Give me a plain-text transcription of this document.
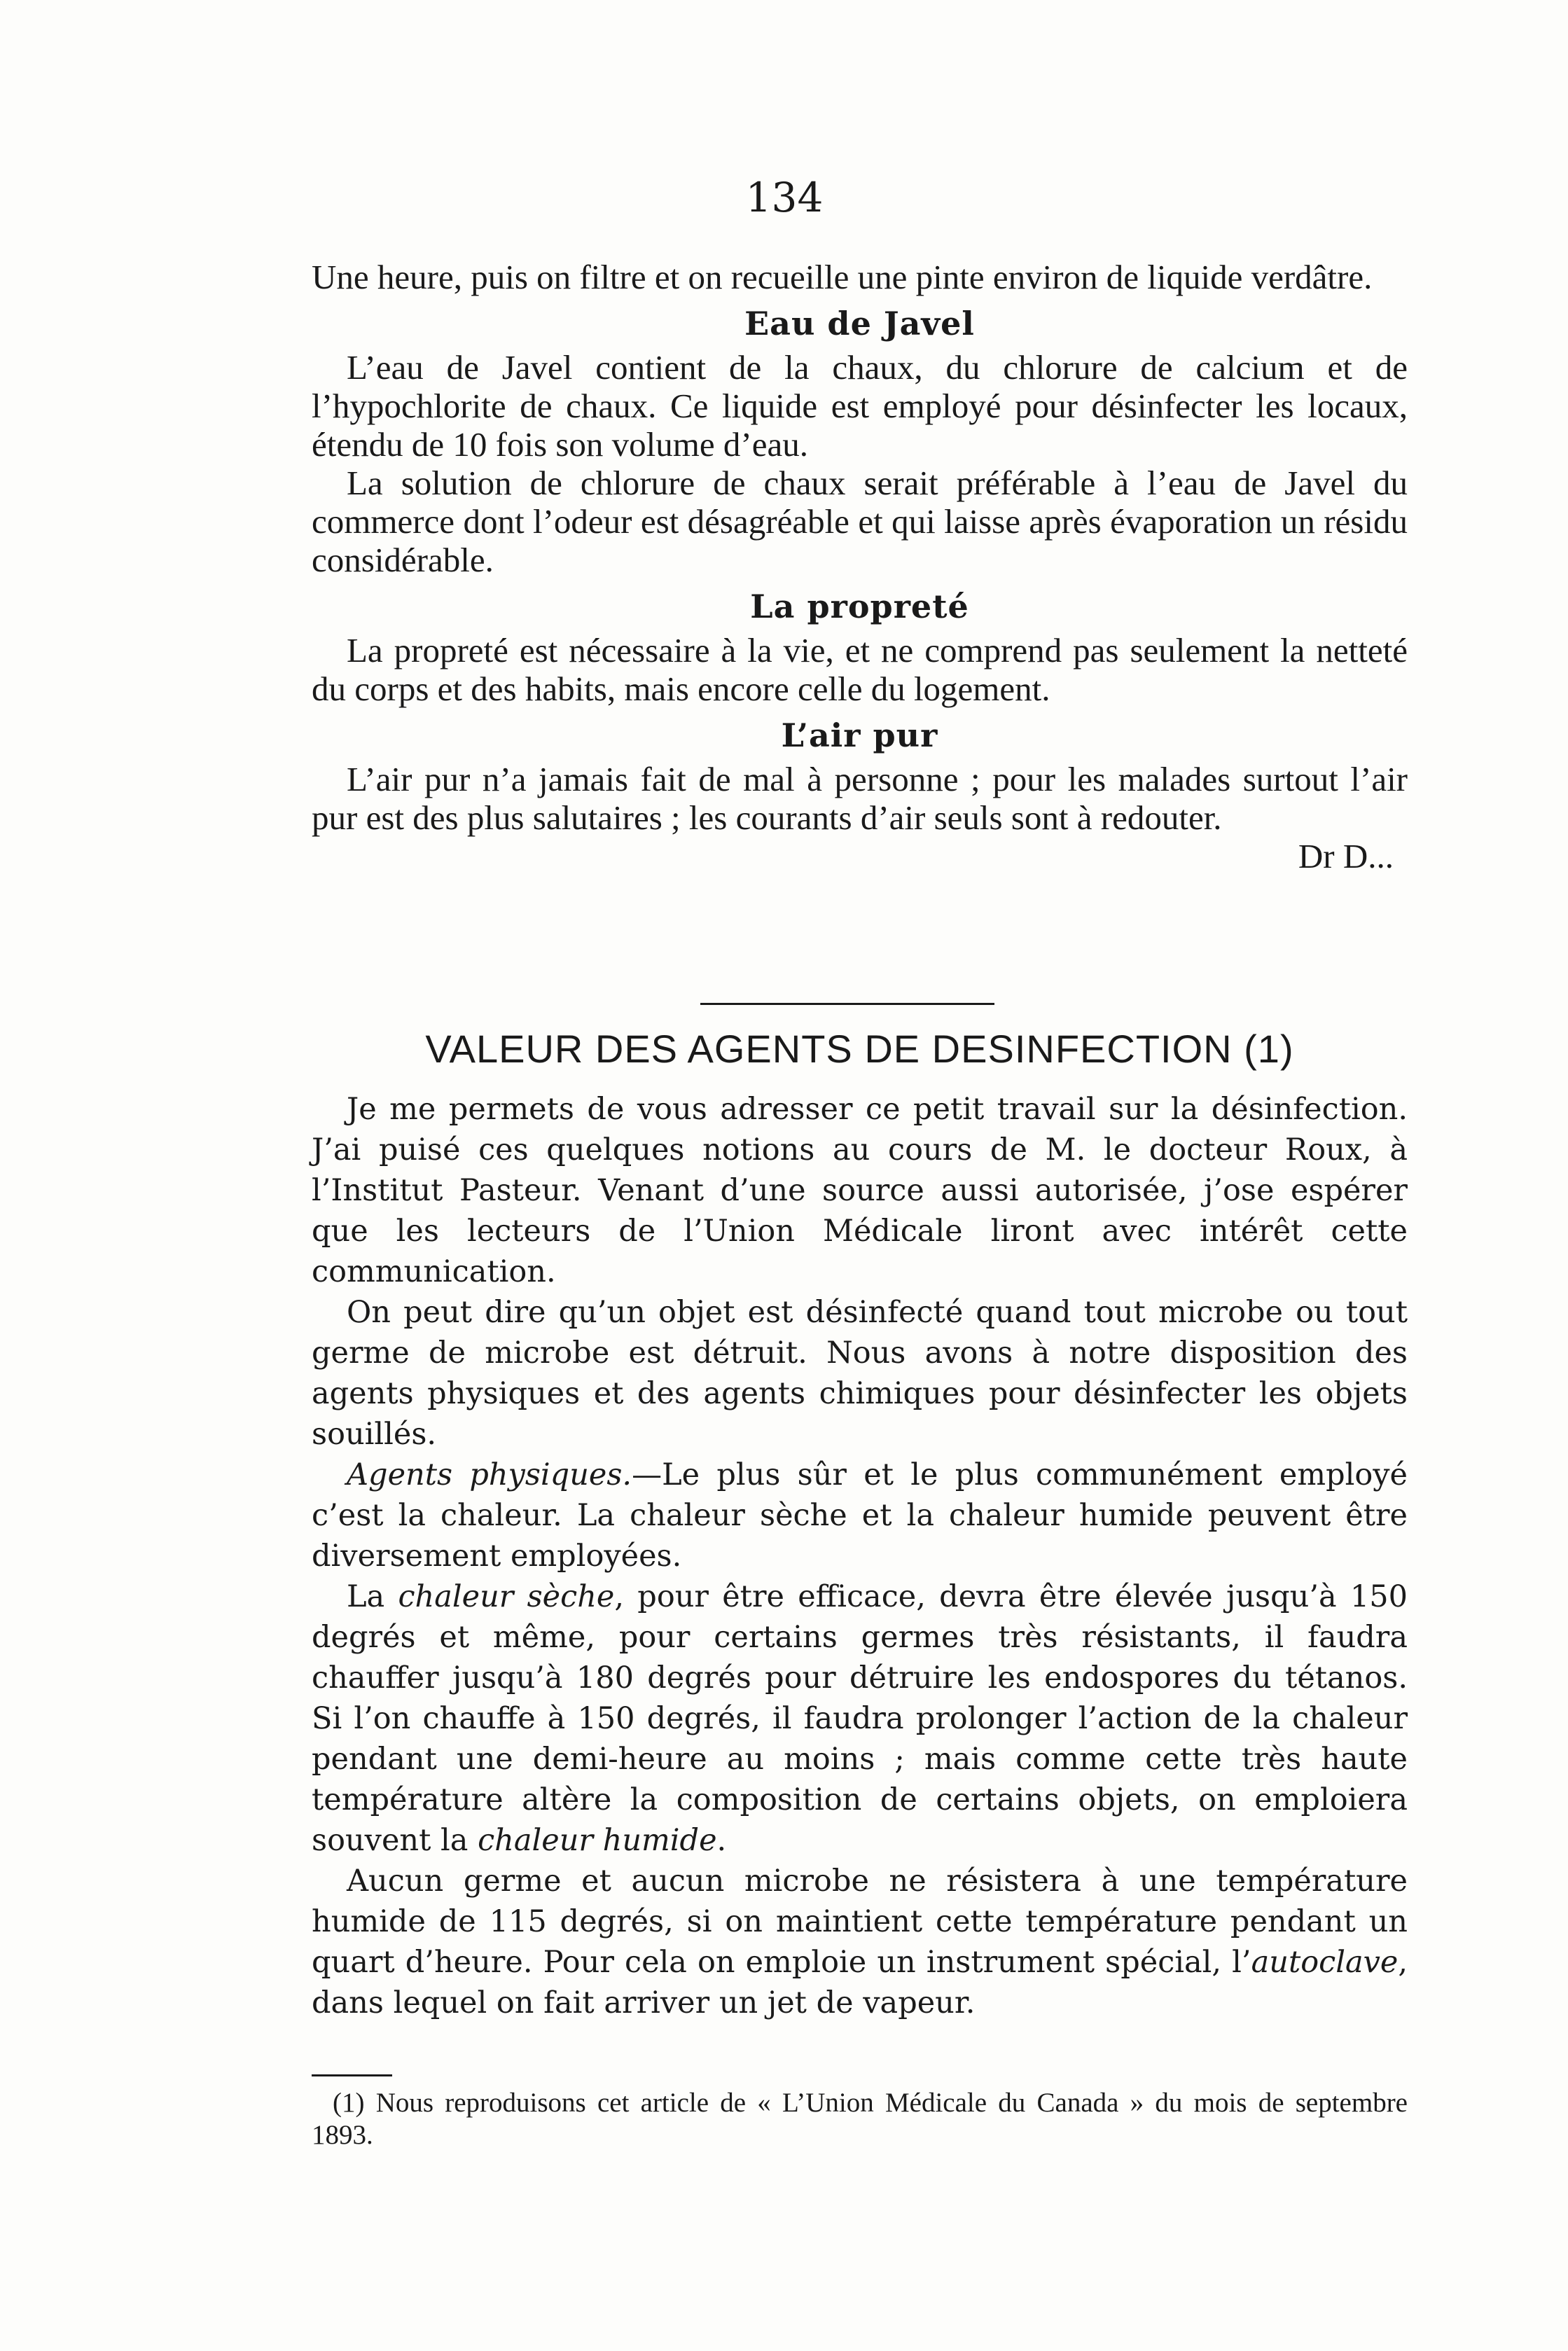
134

Une heure, puis on filtre et on recueille une pinte environ de liquide verdâtre.

Eau de Javel

L’eau de Javel contient de la chaux, du chlorure de calcium et de l’hypochlorite de chaux. Ce liquide est employé pour désinfecter les locaux, étendu de 10 fois son volume d’eau.

La solution de chlorure de chaux serait préférable à l’eau de Javel du commerce dont l’odeur est désagréable et qui laisse après évaporation un résidu considérable.

La propreté

La propreté est nécessaire à la vie, et ne comprend pas seulement la netteté du corps et des habits, mais encore celle du logement.

L’air pur

L’air pur n’a jamais fait de mal à personne ; pour les malades surtout l’air pur est des plus salutaires ; les courants d’air seuls sont à redouter.

Dr D...

VALEUR DES AGENTS DE DESINFECTION (1)

Je me permets de vous adresser ce petit travail sur la désinfection. J’ai puisé ces quelques notions au cours de M. le docteur Roux, à l’Institut Pasteur. Venant d’une source aussi autorisée, j’ose espérer que les lecteurs de l’Union Médicale liront avec intérêt cette communication.

On peut dire qu’un objet est désinfecté quand tout microbe ou tout germe de microbe est détruit. Nous avons à notre disposition des agents physiques et des agents chimiques pour désinfecter les objets souillés.

Agents physiques.—Le plus sûr et le plus communément employé c’est la chaleur. La chaleur sèche et la chaleur humide peuvent être diversement employées.

La chaleur sèche, pour être efficace, devra être élevée jusqu’à 150 degrés et même, pour certains germes très résistants, il faudra chauffer jusqu’à 180 degrés pour détruire les endospores du tétanos. Si l’on chauffe à 150 degrés, il faudra prolonger l’action de la chaleur pendant une demi-heure au moins ; mais comme cette très haute température altère la composition de certains objets, on emploiera souvent la chaleur humide.

Aucun germe et aucun microbe ne résistera à une température humide de 115 degrés, si on maintient cette température pendant un quart d’heure. Pour cela on emploie un instrument spécial, l’autoclave, dans lequel on fait arriver un jet de vapeur.

(1) Nous reproduisons cet article de « L’Union Médicale du Canada » du mois de septembre 1893.
